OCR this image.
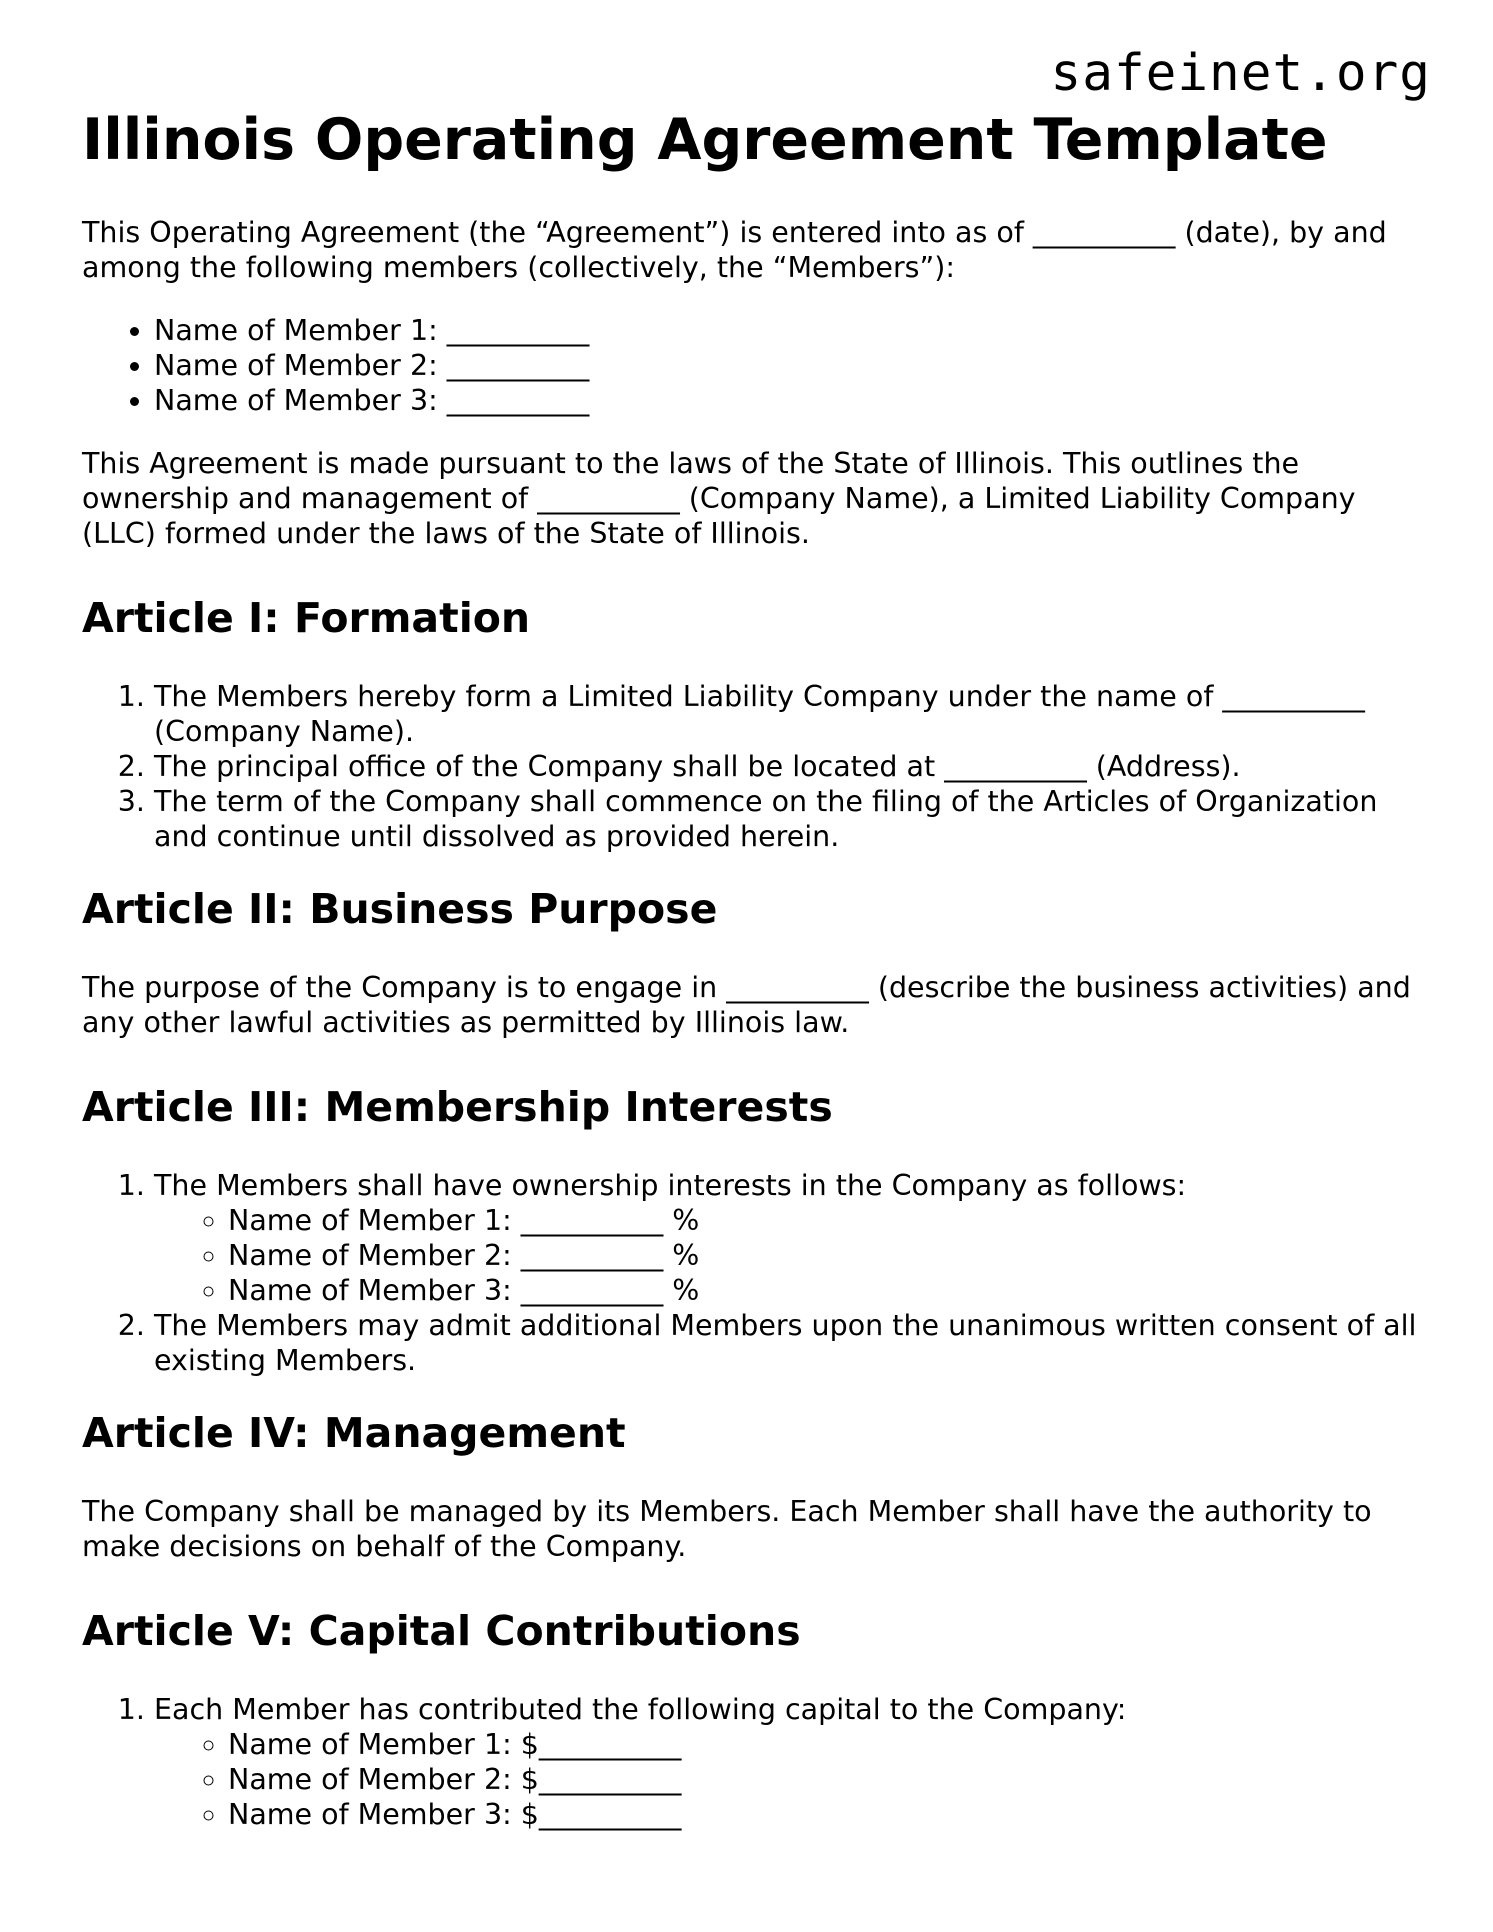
safeinet.org
Illinois Operating Agreement Template

This Operating Agreement (the “Agreement”) is entered into as of __________ (date), by and among the following members (collectively, the “Members”):

• Name of Member 1: __________
• Name of Member 2: __________
• Name of Member 3: __________

This Agreement is made pursuant to the laws of the State of Illinois. This outlines the ownership and management of __________ (Company Name), a Limited Liability Company (LLC) formed under the laws of the State of Illinois.

Article I: Formation
1. The Members hereby form a Limited Liability Company under the name of __________ (Company Name).
2. The principal office of the Company shall be located at __________ (Address).
3. The term of the Company shall commence on the filing of the Articles of Organization and continue until dissolved as provided herein.
Article II: Business Purpose

The purpose of the Company is to engage in __________ (describe the business activities) and any other lawful activities as permitted by Illinois law.

Article III: Membership Interests
1. The Members shall have ownership interests in the Company as follows:
◦ Name of Member 1: __________ %
◦ Name of Member 2: __________ %
◦ Name of Member 3: __________ %
2. The Members may admit additional Members upon the unanimous written consent of all existing Members.
Article IV: Management

The Company shall be managed by its Members. Each Member shall have the authority to make decisions on behalf of the Company.

Article V: Capital Contributions
1. Each Member has contributed the following capital to the Company:
◦ Name of Member 1: $__________
◦ Name of Member 2: $__________
◦ Name of Member 3: $__________
